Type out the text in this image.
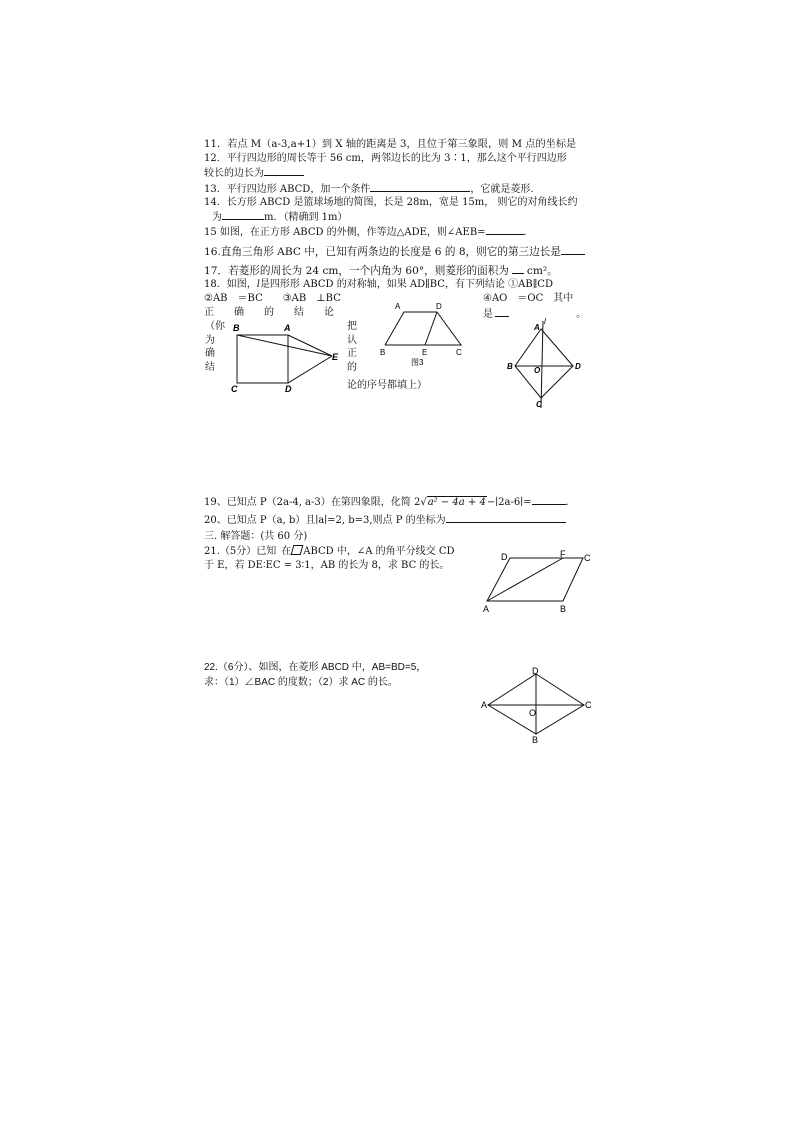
11．若点 M（a-3,a+1）到 X 轴的距离是 3，且位于第三象限，则 M 点的坐标是
12．平行四边形的周长等于 56 cm，两邻边长的比为 3∶1，那么这个平行四边形
较长的边长为
13．平行四边形 ABCD，加一个条件	，它就是菱形.
14．长方形 ABCD 是篮球场地的简图，长是 28m，宽是 15m， 则它的对角线长约
为	m．（精确到 1m）
15 如图，在正方形 ABCD 的外侧，作等边△ADE，则∠AEB=	.
16.直角三角形 ABC 中，已知有两条边的长度是 6 的 8，则它的第三边长是
17．若菱形的周长为 24 cm，一个内角为 60°，则菱形的面积为 cm²。
18．如图，l是四形形 ABCD 的对称轴，如果 AD∥BC，有下列结论 ①AB∥CD
②AB　＝BC　　③AB　⊥BC	④AO　＝OC　其中
正　　确　　的　　结　　论	是	。
（你为确结
把认正的
论的序号都填上）
B	A
C	D
E
A	D
B	E	C
图3
l
A
B	O	D
C
19、已知点 P（2a-4, a-3）在第四象限，化简 2√a² − 4a + 4−∣2a-6∣=	.
20、已知点 P（a, b）且∣a∣=2, b=3,则点 P 的坐标为
三. 解答题：(共 60 分)
21.（5分）已知 在 ABCD 中，∠A 的角平分线交 CD
于 E，若 DE∶EC = 3∶1，AB 的长为 8，求 BC 的长。
D	F C
A	B
22.（6分）、如图，在菱形 ABCD 中，AB=BD=5，
求：（1）∠BAC 的度数；（2）求 AC 的长。
D
A
O
C
B
